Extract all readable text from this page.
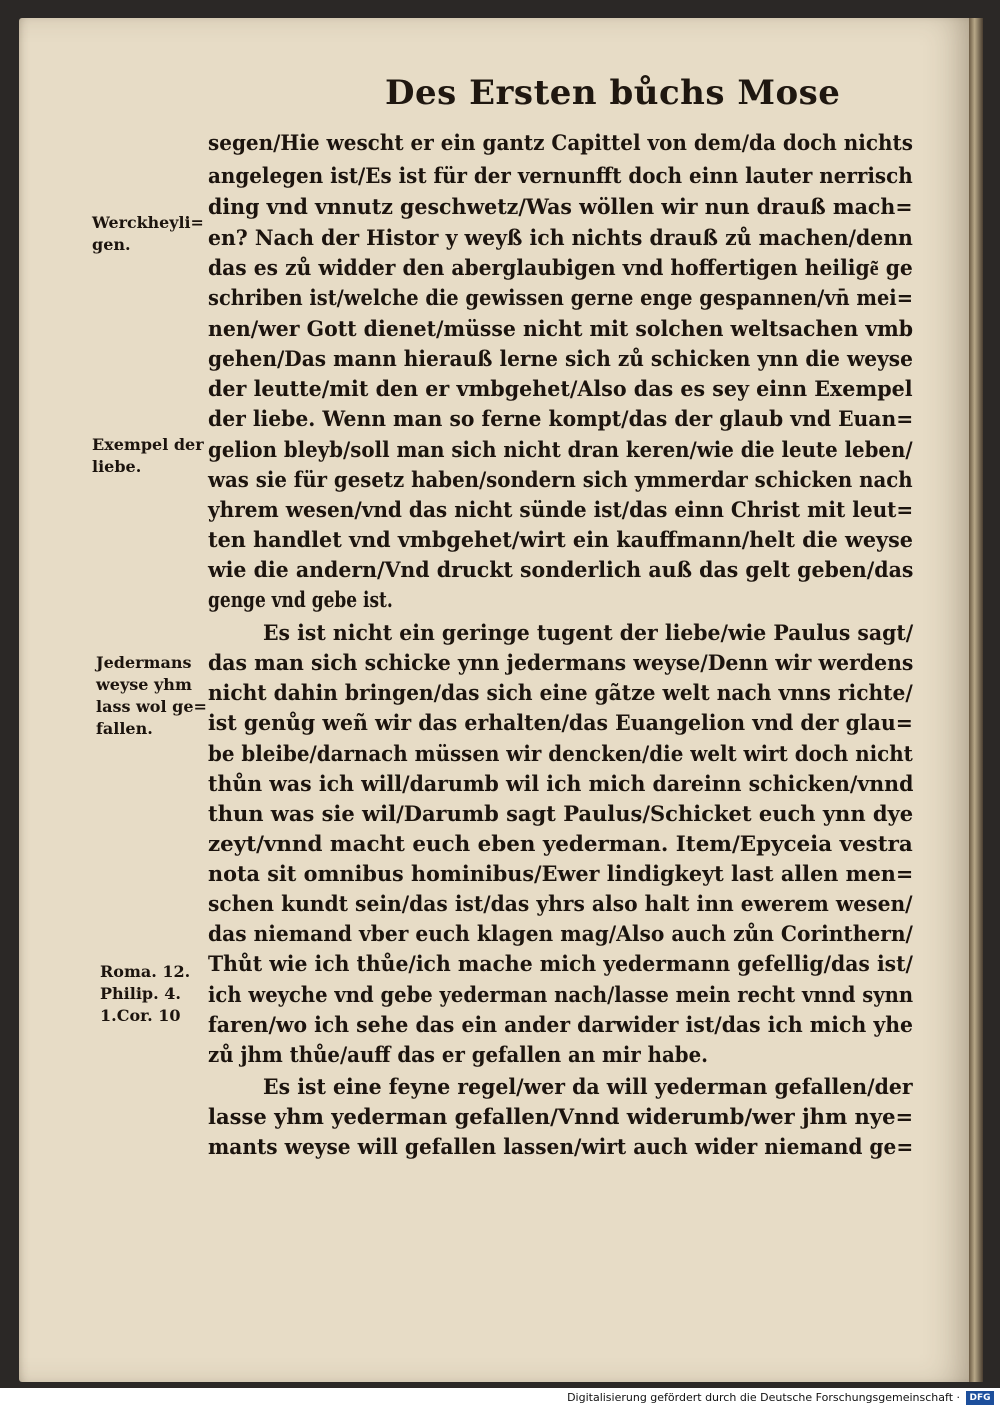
Des Ersten bůchs Mose
segen/Hie wescht er ein gantz Capittel von dem/da doch nichts
angelegen ist/Es ist für der vernunfft doch einn lauter nerrisch
ding vnd vnnutz geschwetz/Was wöllen wir nun drauß mach=
en? Nach der Histor y weyß ich nichts drauß zů machen/denn
das es zů widder den aberglaubigen vnd hoffertigen heilige͂ ge
schriben ist/welche die gewissen gerne enge gespannen/vn̄ mei=
nen/wer Gott dienet/müsse nicht mit solchen weltsachen vmb
gehen/Das mann hierauß lerne sich zů schicken ynn die weyse
der leutte/mit den er vmbgehet/Also das es sey einn Exempel
der liebe. Wenn man so ferne kompt/das der glaub vnd Euan=
gelion bleyb/soll man sich nicht dran keren/wie die leute leben/
was sie für gesetz haben/sondern sich ymmerdar schicken nach
yhrem wesen/vnd das nicht sünde ist/das einn Christ mit leut=
ten handlet vnd vmbgehet/wirt ein kauffmann/helt die weyse
wie die andern/Vnd druckt sonderlich auß das gelt geben/das
genge vnd gebe ist.
Es ist nicht ein geringe tugent der liebe/wie Paulus sagt/
das man sich schicke ynn jedermans weyse/Denn wir werdens
nicht dahin bringen/das sich eine gãtze welt nach vnns richte/
ist genůg weñ wir das erhalten/das Euangelion vnd der glau=
be bleibe/darnach müssen wir dencken/die welt wirt doch nicht
thůn was ich will/darumb wil ich mich dareinn schicken/vnnd
thun was sie wil/Darumb sagt Paulus/Schicket euch ynn dye
zeyt/vnnd macht euch eben yederman. Item/Epyceia vestra
nota sit omnibus hominibus/Ewer lindigkeyt last allen men=
schen kundt sein/das ist/das yhrs also halt inn ewerem wesen/
das niemand vber euch klagen mag/Also auch zůn Corinthern/
Thůt wie ich thůe/ich mache mich yedermann gefellig/das ist/
ich weyche vnd gebe yederman nach/lasse mein recht vnnd synn
faren/wo ich sehe das ein ander darwider ist/das ich mich yhe
zů jhm thůe/auff das er gefallen an mir habe.
Es ist eine feyne regel/wer da will yederman gefallen/der
lasse yhm yederman gefallen/Vnnd widerumb/wer jhm nye=
mants weyse will gefallen lassen/wirt auch wider niemand ge=
Werckheyli=
gen.
Exempel der
liebe.
Jedermans
weyse yhm
lass wol ge=
fallen.
Roma. 12.
Philip. 4.
1.Cor. 10
Digitalisierung gefördert durch die Deutsche Forschungsgemeinschaft ·	DFG
